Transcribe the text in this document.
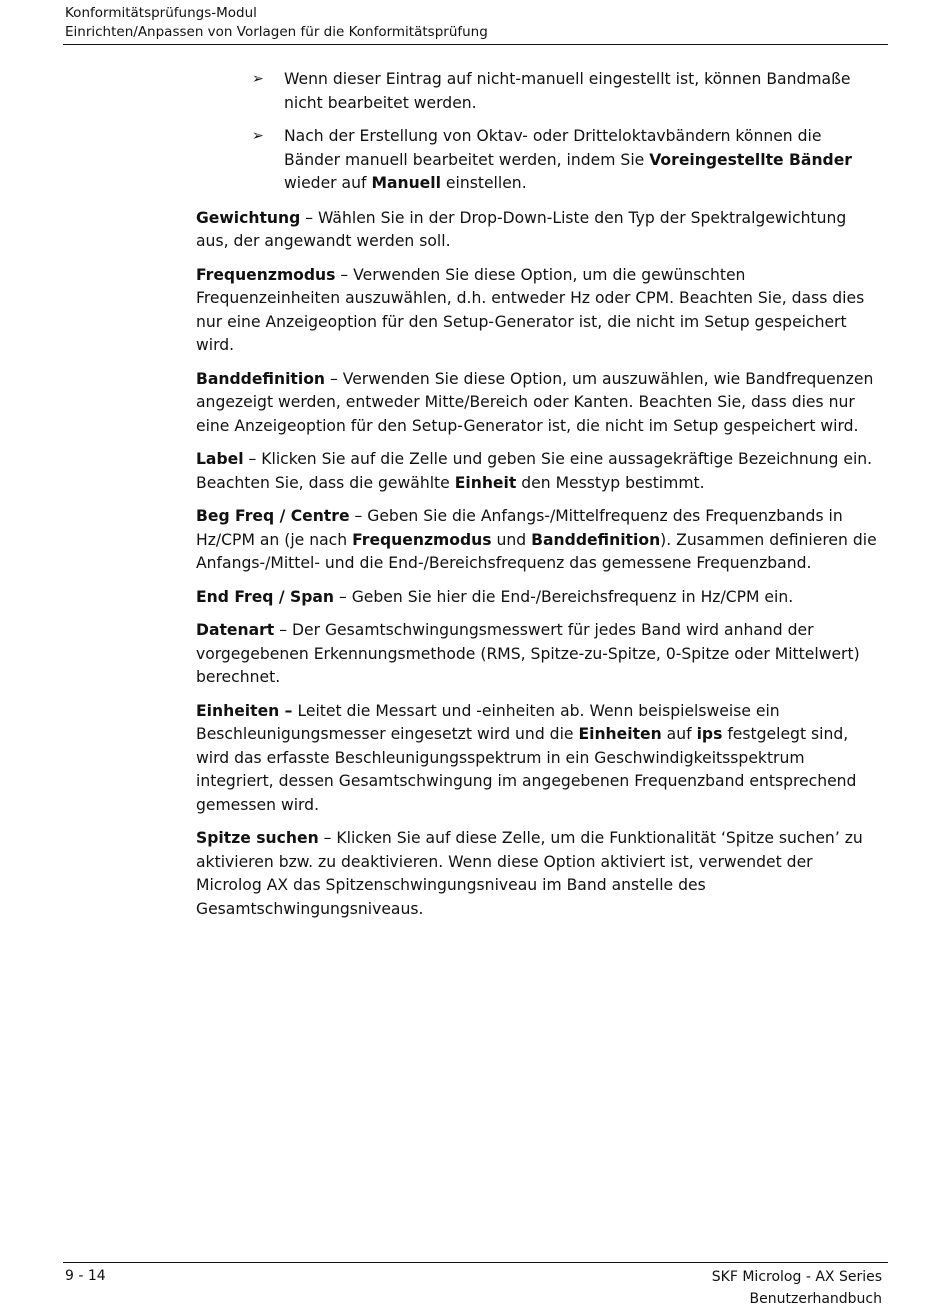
Konformitätsprüfungs-Modul
Einrichten/Anpassen von Vorlagen für die Konformitätsprüfung
➢ Wenn dieser Eintrag auf nicht-manuell eingestellt ist, können Bandmaße nicht bearbeitet werden.
➢ Nach der Erstellung von Oktav- oder Dritteloktavbändern können die Bänder manuell bearbeitet werden, indem Sie Voreingestellte Bänder wieder auf Manuell einstellen.

Gewichtung – Wählen Sie in der Drop-Down-Liste den Typ der Spektralgewichtung aus, der angewandt werden soll.

Frequenzmodus – Verwenden Sie diese Option, um die gewünschten Frequenzeinheiten auszuwählen, d.h. entweder Hz oder CPM. Beachten Sie, dass dies nur eine Anzeigeoption für den Setup-Generator ist, die nicht im Setup gespeichert wird.

Banddefinition – Verwenden Sie diese Option, um auszuwählen, wie Bandfrequenzen angezeigt werden, entweder Mitte/Bereich oder Kanten. Beachten Sie, dass dies nur eine Anzeigeoption für den Setup-Generator ist, die nicht im Setup gespeichert wird.

Label – Klicken Sie auf die Zelle und geben Sie eine aussagekräftige Bezeichnung ein. Beachten Sie, dass die gewählte Einheit den Messtyp bestimmt.

Beg Freq / Centre – Geben Sie die Anfangs-/Mittelfrequenz des Frequenzbands in Hz/CPM an (je nach Frequenzmodus und Banddefinition). Zusammen definieren die Anfangs-/Mittel- und die End-/Bereichsfrequenz das gemessene Frequenzband.

End Freq / Span – Geben Sie hier die End-/Bereichsfrequenz in Hz/CPM ein.

Datenart – Der Gesamtschwingungsmesswert für jedes Band wird anhand der vorgegebenen Erkennungsmethode (RMS, Spitze-zu-Spitze, 0-Spitze oder Mittelwert) berechnet.

Einheiten – Leitet die Messart und -einheiten ab. Wenn beispielsweise ein Beschleunigungsmesser eingesetzt wird und die Einheiten auf ips festgelegt sind, wird das erfasste Beschleunigungsspektrum in ein Geschwindigkeitsspektrum integriert, dessen Gesamtschwingung im angegebenen Frequenzband entsprechend gemessen wird.

Spitze suchen – Klicken Sie auf diese Zelle, um die Funktionalität ‘Spitze suchen’ zu aktivieren bzw. zu deaktivieren. Wenn diese Option aktiviert ist, verwendet der Microlog AX das Spitzenschwingungsniveau im Band anstelle des Gesamtschwingungsniveaus.

9 - 14	SKF Microlog - AX Series
Benutzerhandbuch
